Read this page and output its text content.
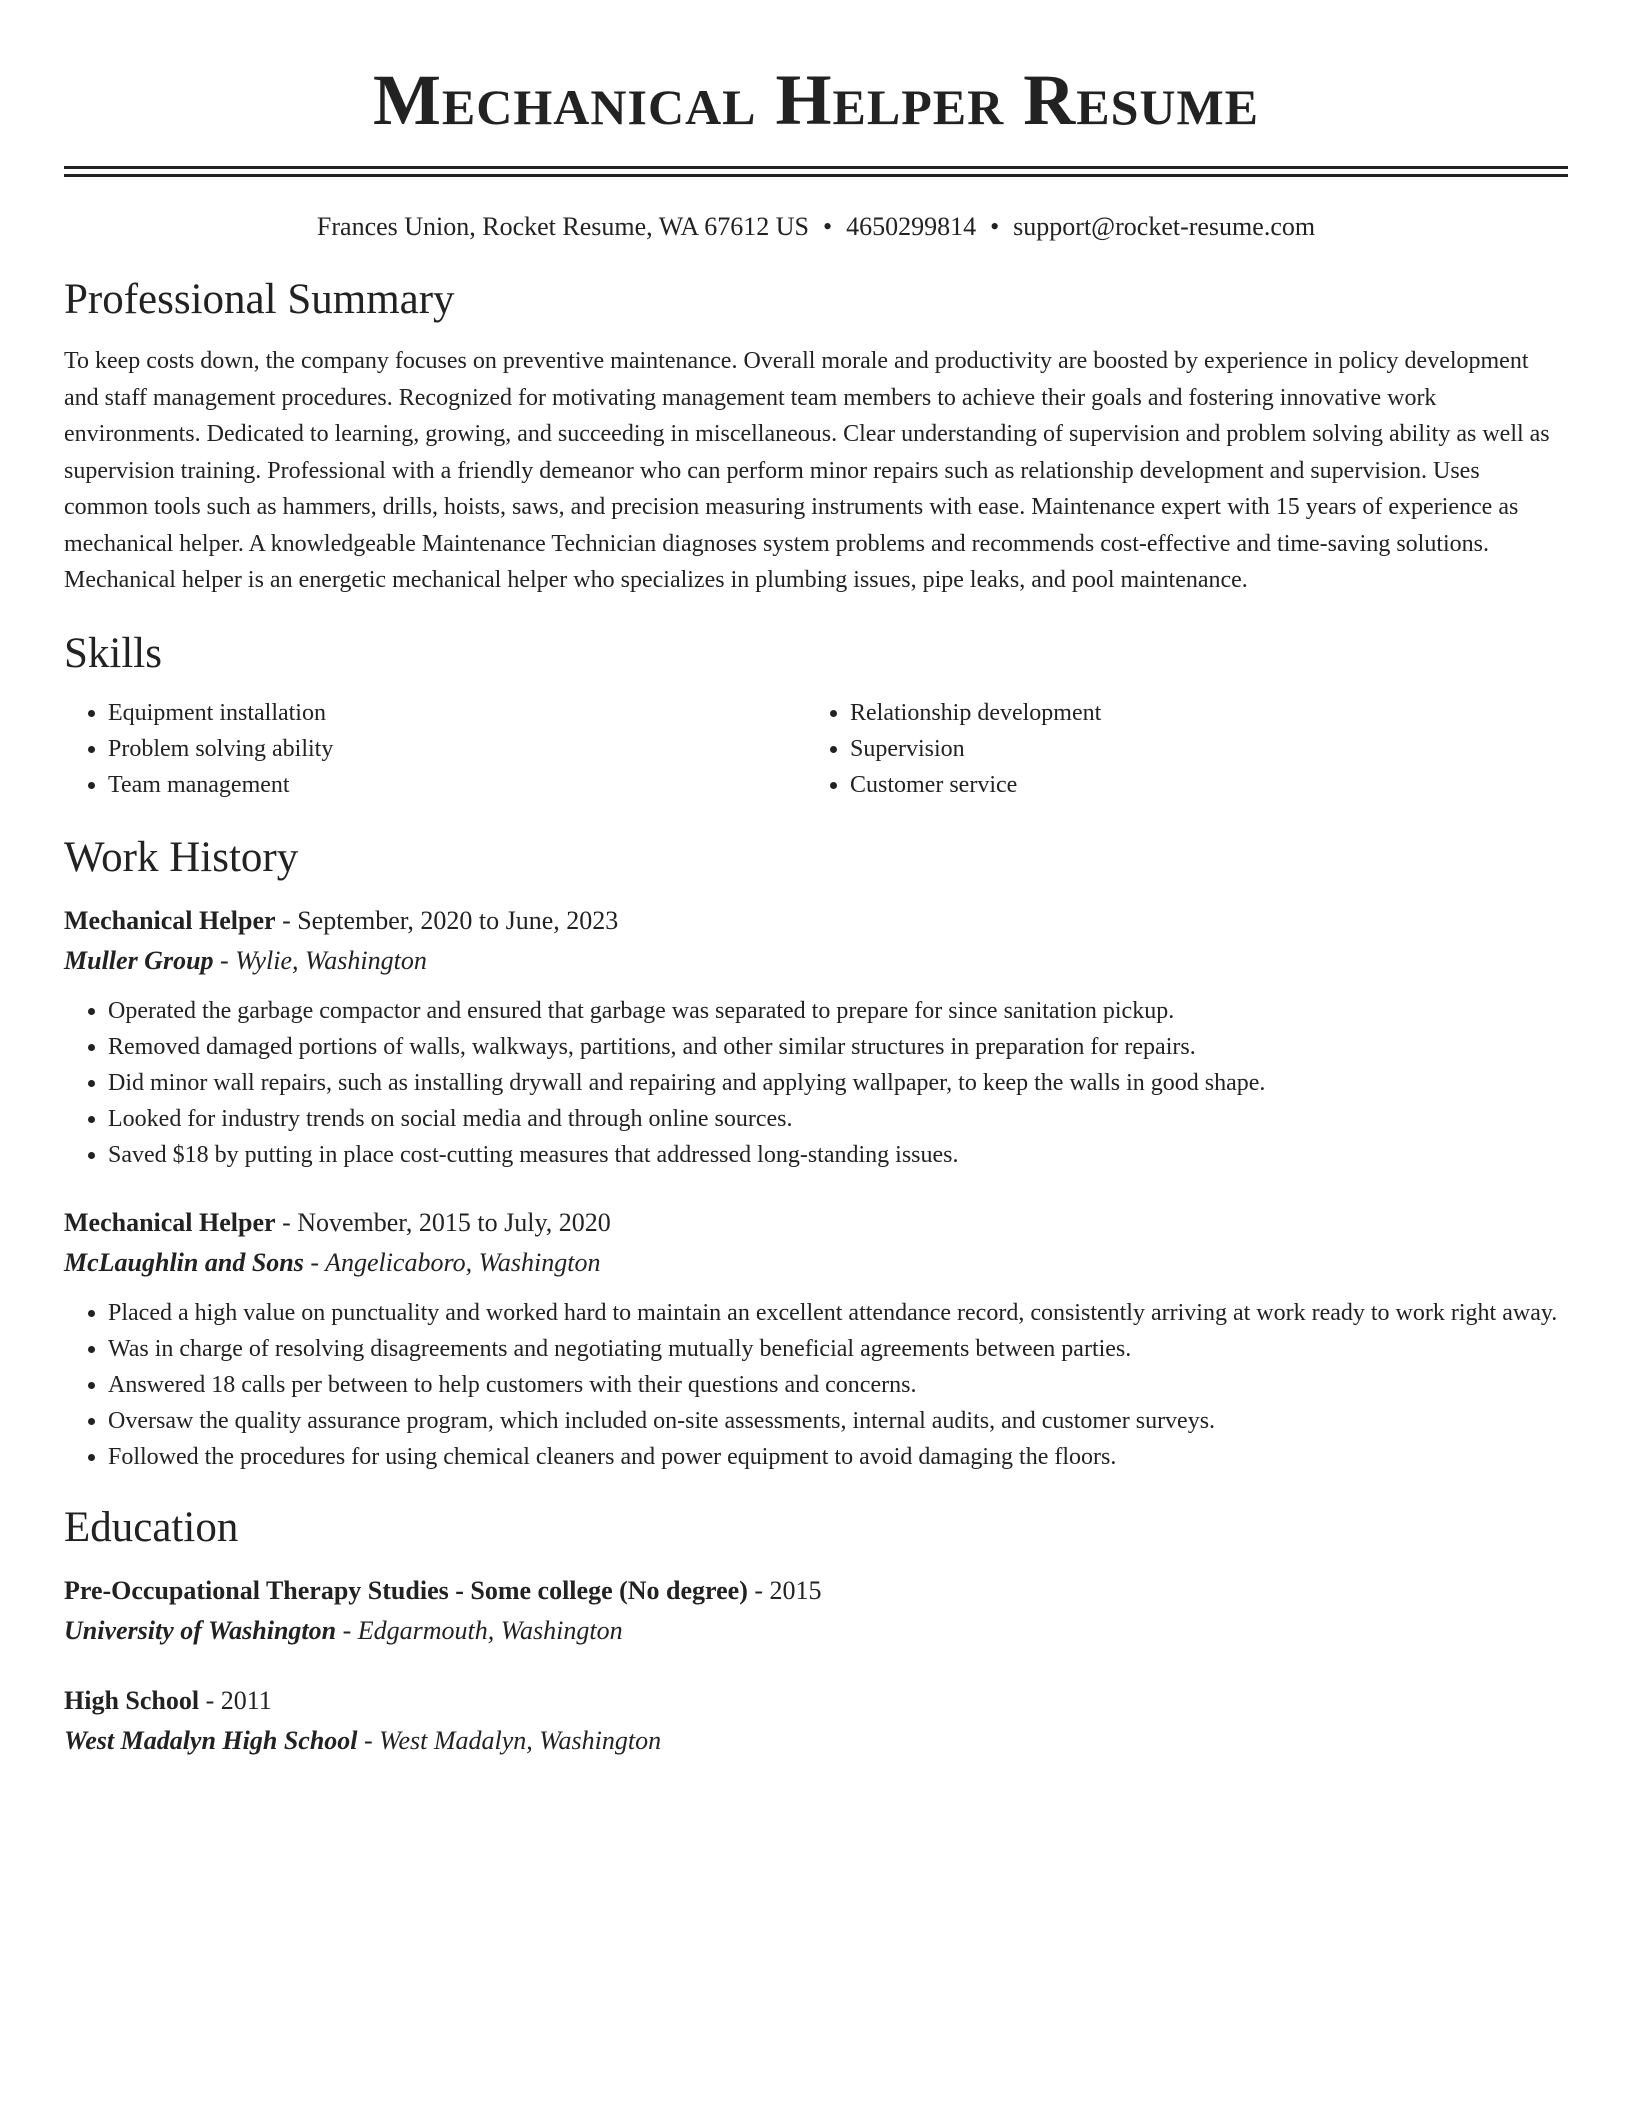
Mechanical Helper Resume
Frances Union, Rocket Resume, WA 67612 US • 4650299814 • support@rocket-resume.com
Professional Summary
To keep costs down, the company focuses on preventive maintenance. Overall morale and productivity are boosted by experience in policy development and staff management procedures. Recognized for motivating management team members to achieve their goals and fostering innovative work environments. Dedicated to learning, growing, and succeeding in miscellaneous. Clear understanding of supervision and problem solving ability as well as supervision training. Professional with a friendly demeanor who can perform minor repairs such as relationship development and supervision. Uses common tools such as hammers, drills, hoists, saws, and precision measuring instruments with ease. Maintenance expert with 15 years of experience as mechanical helper. A knowledgeable Maintenance Technician diagnoses system problems and recommends cost-effective and time-saving solutions. Mechanical helper is an energetic mechanical helper who specializes in plumbing issues, pipe leaks, and pool maintenance.
Skills
• Equipment installation
• Problem solving ability
• Team management
• Relationship development
• Supervision
• Customer service
Work History
Mechanical Helper - September, 2020 to June, 2023
Muller Group - Wylie, Washington
• Operated the garbage compactor and ensured that garbage was separated to prepare for since sanitation pickup.
• Removed damaged portions of walls, walkways, partitions, and other similar structures in preparation for repairs.
• Did minor wall repairs, such as installing drywall and repairing and applying wallpaper, to keep the walls in good shape.
• Looked for industry trends on social media and through online sources.
• Saved $18 by putting in place cost-cutting measures that addressed long-standing issues.
Mechanical Helper - November, 2015 to July, 2020
McLaughlin and Sons - Angelicaboro, Washington
• Placed a high value on punctuality and worked hard to maintain an excellent attendance record, consistently arriving at work ready to work right away.
• Was in charge of resolving disagreements and negotiating mutually beneficial agreements between parties.
• Answered 18 calls per between to help customers with their questions and concerns.
• Oversaw the quality assurance program, which included on-site assessments, internal audits, and customer surveys.
• Followed the procedures for using chemical cleaners and power equipment to avoid damaging the floors.
Education
Pre-Occupational Therapy Studies - Some college (No degree) - 2015
University of Washington - Edgarmouth, Washington
High School - 2011
West Madalyn High School - West Madalyn, Washington
